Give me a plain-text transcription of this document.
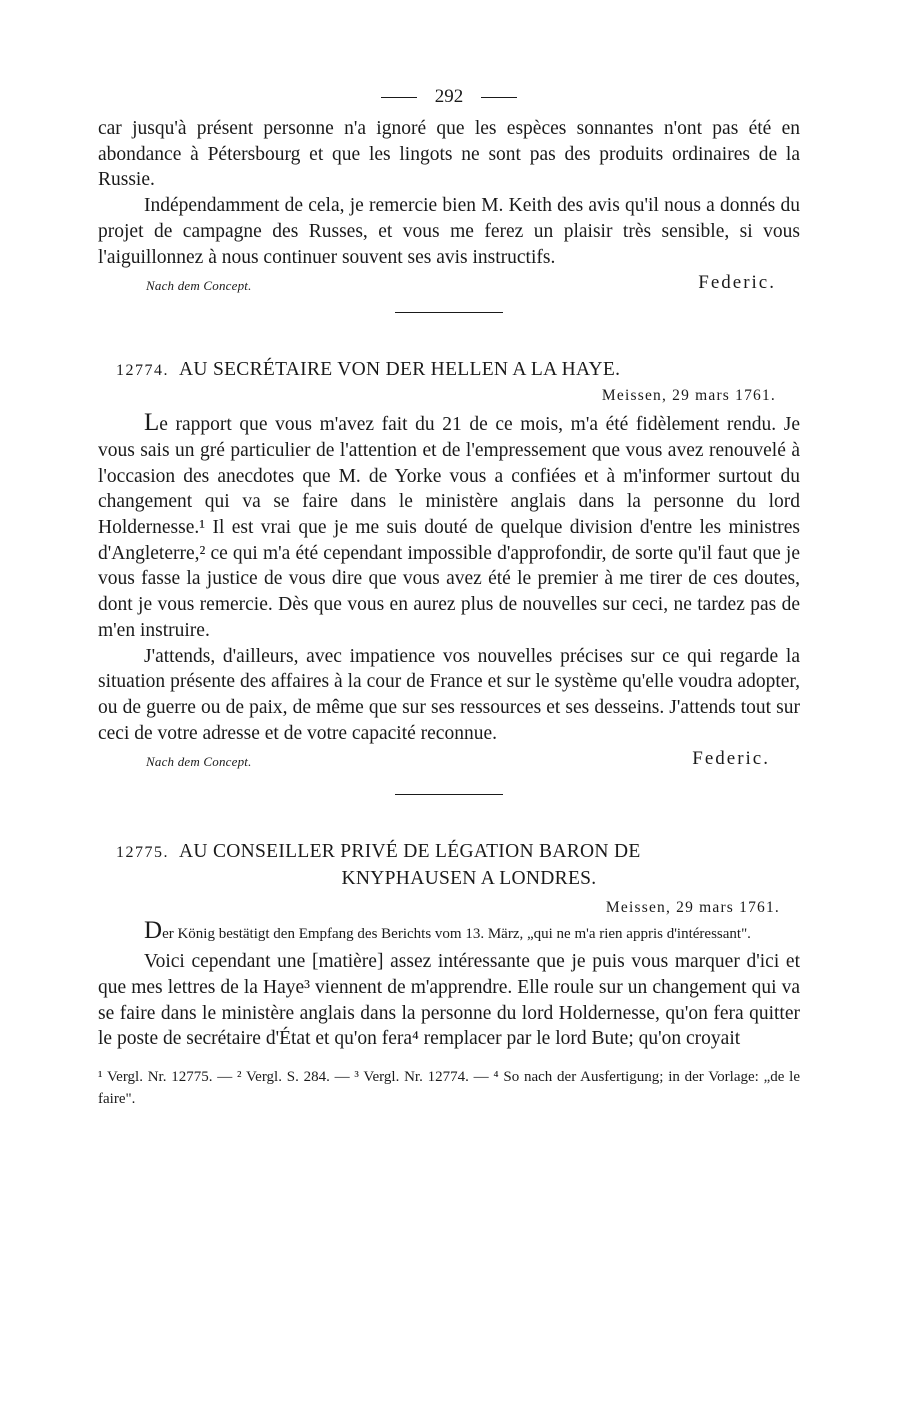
292

car jusqu'à présent personne n'a ignoré que les espèces sonnantes n'ont pas été en abondance à Pétersbourg et que les lingots ne sont pas des produits ordinaires de la Russie.

Indépendamment de cela, je remercie bien M. Keith des avis qu'il nous a donnés du projet de campagne des Russes, et vous me ferez un plaisir très sensible, si vous l'aiguillonnez à nous continuer souvent ses avis instructifs.

Nach dem Concept.	Federic.

12774. AU SECRÉTAIRE VON DER HELLEN A LA HAYE.

Meissen, 29 mars 1761.

Le rapport que vous m'avez fait du 21 de ce mois, m'a été fidèlement rendu. Je vous sais un gré particulier de l'attention et de l'empressement que vous avez renouvelé à l'occasion des anecdotes que M. de Yorke vous a confiées et à m'informer surtout du changement qui va se faire dans le ministère anglais dans la personne du lord Holdernesse.¹ Il est vrai que je me suis douté de quelque division d'entre les ministres d'Angleterre,² ce qui m'a été cependant impossible d'approfondir, de sorte qu'il faut que je vous fasse la justice de vous dire que vous avez été le premier à me tirer de ces doutes, dont je vous remercie. Dès que vous en aurez plus de nouvelles sur ceci, ne tardez pas de m'en instruire.

J'attends, d'ailleurs, avec impatience vos nouvelles précises sur ce qui regarde la situation présente des affaires à la cour de France et sur le système qu'elle voudra adopter, ou de guerre ou de paix, de même que sur ses ressources et ses desseins. J'attends tout sur ceci de votre adresse et de votre capacité reconnue.

Nach dem Concept.	Federic.

12775. AU CONSEILLER PRIVÉ DE LÉGATION BARON DE

KNYPHAUSEN A LONDRES.

Meissen, 29 mars 1761.

Der König bestätigt den Empfang des Berichts vom 13. März, „qui ne m'a rien appris d'intéressant".

Voici cependant une [matière] assez intéressante que je puis vous marquer d'ici et que mes lettres de la Haye³ viennent de m'apprendre. Elle roule sur un changement qui va se faire dans le ministère anglais dans la personne du lord Holdernesse, qu'on fera quitter le poste de secrétaire d'État et qu'on fera⁴ remplacer par le lord Bute; qu'on croyait

¹ Vergl. Nr. 12775. — ² Vergl. S. 284. — ³ Vergl. Nr. 12774. — ⁴ So nach der Ausfertigung; in der Vorlage: „de le faire".
